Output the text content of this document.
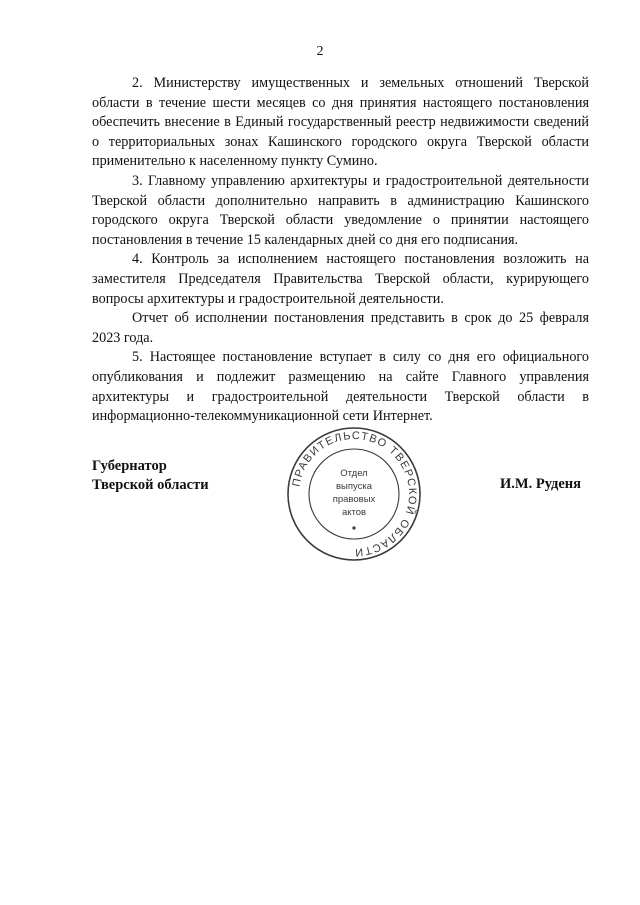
2

2. Министерству имущественных и земельных отношений Тверской области в течение шести месяцев со дня принятия настоящего постановления обеспечить внесение в Единый государственный реестр недвижимости сведений о территориальных зонах Кашинского городского округа Тверской области применительно к населенному пункту Сумино.

3. Главному управлению архитектуры и градостроительной деятельности Тверской области дополнительно направить в администрацию Кашинского городского округа Тверской области уведомление о принятии настоящего постановления в течение 15 календарных дней со дня его подписания.

4. Контроль за исполнением настоящего постановления возложить на заместителя Председателя Правительства Тверской области, курирующего вопросы архитектуры и градостроительной деятельности.

Отчет об исполнении постановления представить в срок до 25 февраля 2023 года.

5. Настоящее постановление вступает в силу со дня его официального опубликования и подлежит размещению на сайте Главного управления архитектуры и градостроительной деятельности Тверской области в информационно-телекоммуникационной сети Интернет.

Губернатор
Тверской области	И.М. Руденя
ПРАВИТЕЛЬСТВО ТВЕРСКОЙ ОБЛАСТИ
Отдел
выпуска
правовых
актов
